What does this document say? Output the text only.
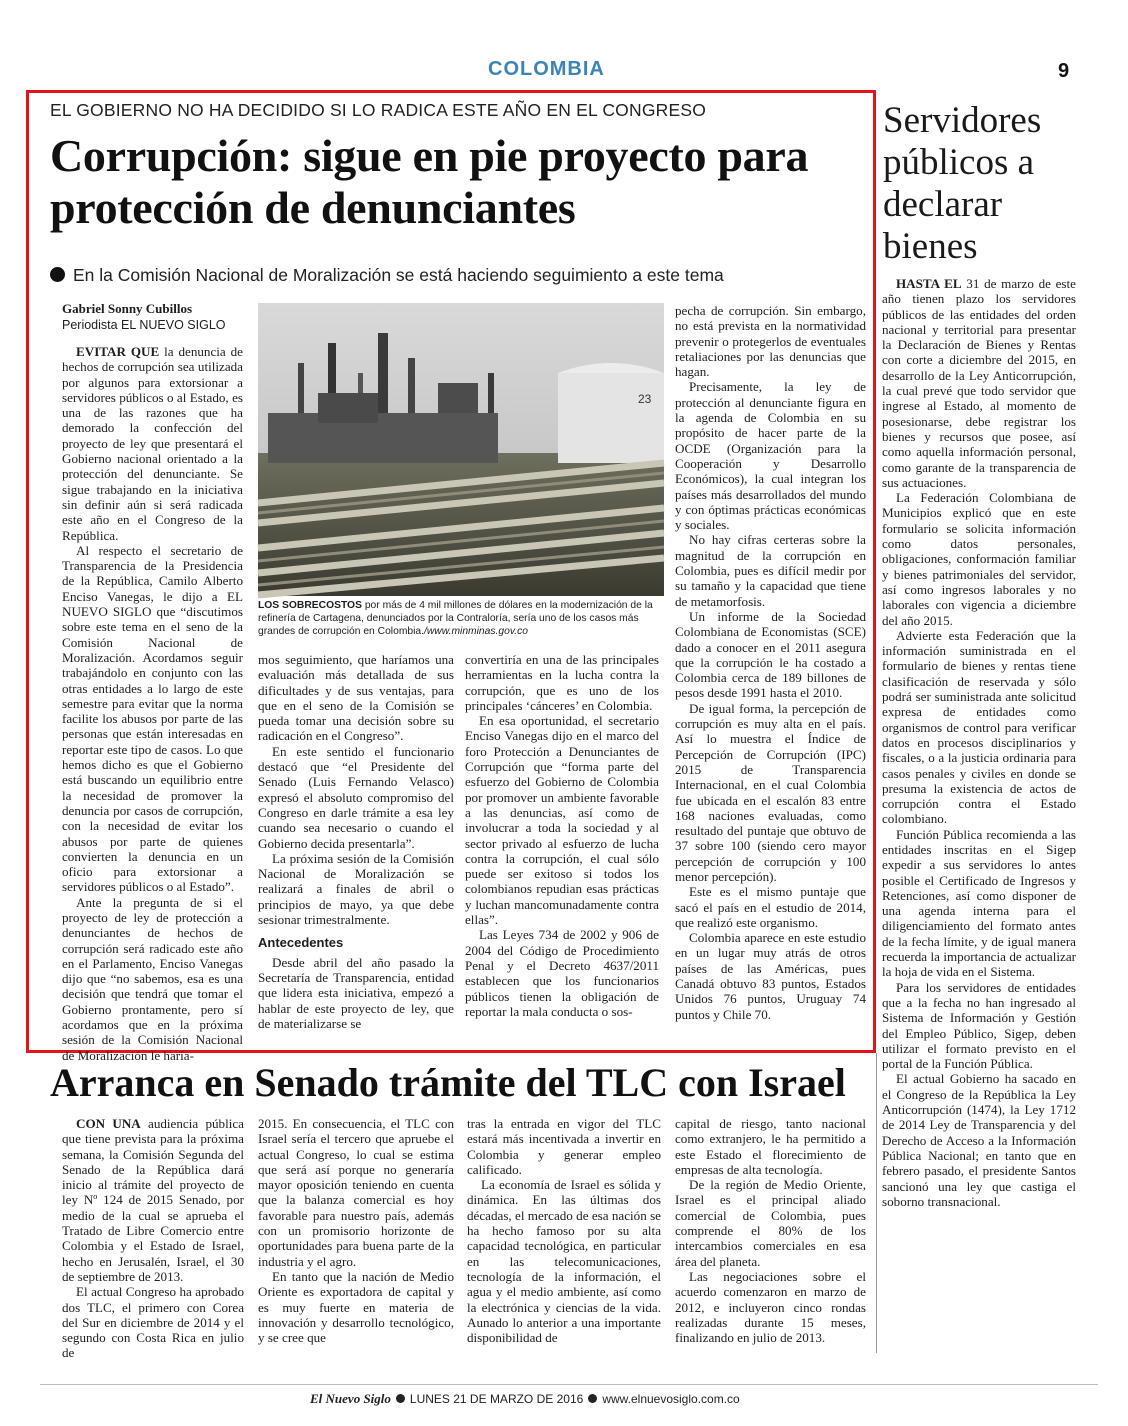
COLOMBIA	9
EL GOBIERNO NO HA DECIDIDO SI LO RADICA ESTE AÑO EN EL CONGRESO
Corrupción: sigue en pie proyecto para protección de denunciantes
En la Comisión Nacional de Moralización se está haciendo seguimiento a este tema
Gabriel Sonny Cubillos
Periodista EL NUEVO SIGLO

EVITAR QUE la denuncia de hechos de corrupción sea utilizada por algunos para extorsionar a servidores públicos o al Estado, es una de las razones que ha demorado la confección del proyecto de ley que presentará el Gobierno nacional orientado a la protección del denunciante. Se sigue trabajando en la iniciativa sin definir aún si será radicada este año en el Congreso de la República.

Al respecto el secretario de Transparencia de la Presidencia de la República, Camilo Alberto Enciso Vanegas, le dijo a EL NUEVO SIGLO que “discutimos sobre este tema en el seno de la Comisión Nacional de Moralización. Acordamos seguir trabajándolo en conjunto con las otras entidades a lo largo de este semestre para evitar que la norma facilite los abusos por parte de las personas que están interesadas en reportar este tipo de casos. Lo que hemos dicho es que el Gobierno está buscando un equilibrio entre la necesidad de promover la denuncia por casos de corrupción, con la necesidad de evitar los abusos por parte de quienes convierten la denuncia en un oficio para extorsionar a servidores públicos o al Estado”.

Ante la pregunta de si el proyecto de ley de protección a denunciantes de hechos de corrupción será radicado este año en el Parlamento, Enciso Vanegas dijo que “no sabemos, esa es una decisión que tendrá que tomar el Gobierno prontamente, pero sí acordamos que en la próxima sesión de la Comisión Nacional de Moralización le haría-

23
LOS SOBRECOSTOS por más de 4 mil millones de dólares en la modernización de la refinería de Cartagena, denunciados por la Contraloría, sería uno de los casos más grandes de corrupción en Colombia./www.minminas.gov.co

mos seguimiento, que haríamos una evaluación más detallada de sus dificultades y de sus ventajas, para que en el seno de la Comisión se pueda tomar una decisión sobre su radicación en el Congreso”.

En este sentido el funcionario destacó que “el Presidente del Senado (Luis Fernando Velasco) expresó el absoluto compromiso del Congreso en darle trámite a esa ley cuando sea necesario o cuando el Gobierno decida presentarla”.

La próxima sesión de la Comisión Nacional de Moralización se realizará a finales de abril o principios de mayo, ya que debe sesionar trimestralmente.

Antecedentes

Desde abril del año pasado la Secretaría de Transparencia, entidad que lidera esta iniciativa, empezó a hablar de este proyecto de ley, que de materializarse se

convertiría en una de las principales herramientas en la lucha contra la corrupción, que es uno de los principales ‘cánceres’ en Colombia.

En esa oportunidad, el secretario Enciso Vanegas dijo en el marco del foro Protección a Denunciantes de Corrupción que “forma parte del esfuerzo del Gobierno de Colombia por promover un ambiente favorable a las denuncias, así como de involucrar a toda la sociedad y al sector privado al esfuerzo de lucha contra la corrupción, el cual sólo puede ser exitoso si todos los colombianos repudian esas prácticas y luchan mancomunadamente contra ellas”.

Las Leyes 734 de 2002 y 906 de 2004 del Código de Procedimiento Penal y el Decreto 4637/2011 establecen que los funcionarios públicos tienen la obligación de reportar la mala conducta o sos-

pecha de corrupción. Sin embargo, no está prevista en la normatividad prevenir o protegerlos de eventuales retaliaciones por las denuncias que hagan.

Precisamente, la ley de protección al denunciante figura en la agenda de Colombia en su propósito de hacer parte de la OCDE (Organización para la Cooperación y Desarrollo Económicos), la cual integran los países más desarrollados del mundo y con óptimas prácticas económicas y sociales.

No hay cifras certeras sobre la magnitud de la corrupción en Colombia, pues es difícil medir por su tamaño y la capacidad que tiene de metamorfosis.

Un informe de la Sociedad Colombiana de Economistas (SCE) dado a conocer en el 2011 asegura que la corrupción le ha costado a Colombia cerca de 189 billones de pesos desde 1991 hasta el 2010.

De igual forma, la percepción de corrupción es muy alta en el país. Así lo muestra el Índice de Percepción de Corrupción (IPC) 2015 de Transparencia Internacional, en el cual Colombia fue ubicada en el escalón 83 entre 168 naciones evaluadas, como resultado del puntaje que obtuvo de 37 sobre 100 (siendo cero mayor percepción de corrupción y 100 menor percepción).

Este es el mismo puntaje que sacó el país en el estudio de 2014, que realizó este organismo.

Colombia aparece en este estudio en un lugar muy atrás de otros países de las Américas, pues Canadá obtuvo 83 puntos, Estados Unidos 76 puntos, Uruguay 74 puntos y Chile 70.

Servidores públicos a declarar bienes

HASTA EL 31 de marzo de este año tienen plazo los servidores públicos de las entidades del orden nacional y territorial para presentar la Declaración de Bienes y Rentas con corte a diciembre del 2015, en desarrollo de la Ley Anticorrupción, la cual prevé que todo servidor que ingrese al Estado, al momento de posesionarse, debe registrar los bienes y recursos que posee, así como aquella información personal, como garante de la transparencia de sus actuaciones.

La Federación Colombiana de Municipios explicó que en este formulario se solicita información como datos personales, obligaciones, conformación familiar y bienes patrimoniales del servidor, así como ingresos laborales y no laborales con vigencia a diciembre del año 2015.

Advierte esta Federación que la información suministrada en el formulario de bienes y rentas tiene clasificación de reservada y sólo podrá ser suministrada ante solicitud expresa de entidades como organismos de control para verificar datos en procesos disciplinarios y fiscales, o a la justicia ordinaria para casos penales y civiles en donde se presuma la existencia de actos de corrupción contra el Estado colombiano.

Función Pública recomienda a las entidades inscritas en el Sigep expedir a sus servidores lo antes posible el Certificado de Ingresos y Retenciones, así como disponer de una agenda interna para el diligenciamiento del formato antes de la fecha límite, y de igual manera recuerda la importancia de actualizar la hoja de vida en el Sistema.

Para los servidores de entidades que a la fecha no han ingresado al Sistema de Información y Gestión del Empleo Público, Sigep, deben utilizar el formato previsto en el portal de la Función Pública.

El actual Gobierno ha sacado en el Congreso de la República la Ley Anticorrupción (1474), la Ley 1712 de 2014 Ley de Transparencia y del Derecho de Acceso a la Información Pública Nacional; en tanto que en febrero pasado, el presidente Santos sancionó una ley que castiga el soborno transnacional.

Arranca en Senado trámite del TLC con Israel

CON UNA audiencia pública que tiene prevista para la próxima semana, la Comisión Segunda del Senado de la República dará inicio al trámite del proyecto de ley Nº 124 de 2015 Senado, por medio de la cual se aprueba el Tratado de Libre Comercio entre Colombia y el Estado de Israel, hecho en Jerusalén, Israel, el 30 de septiembre de 2013.

El actual Congreso ha aprobado dos TLC, el primero con Corea del Sur en diciembre de 2014 y el segundo con Costa Rica en julio de

2015. En consecuencia, el TLC con Israel sería el tercero que apruebe el actual Congreso, lo cual se estima que será así porque no generaría mayor oposición teniendo en cuenta que la balanza comercial es hoy favorable para nuestro país, además con un promisorio horizonte de oportunidades para buena parte de la industria y el agro.

En tanto que la nación de Medio Oriente es exportadora de capital y es muy fuerte en materia de innovación y desarrollo tecnológico, y se cree que

tras la entrada en vigor del TLC estará más incentivada a invertir en Colombia y generar empleo calificado.

La economía de Israel es sólida y dinámica. En las últimas dos décadas, el mercado de esa nación se ha hecho famoso por su alta capacidad tecnológica, en particular en las telecomunicaciones, tecnología de la información, el agua y el medio ambiente, así como la electrónica y ciencias de la vida. Aunado lo anterior a una importante disponibilidad de

capital de riesgo, tanto nacional como extranjero, le ha permitido a este Estado el florecimiento de empresas de alta tecnología.

De la región de Medio Oriente, Israel es el principal aliado comercial de Colombia, pues comprende el 80% de los intercambios comerciales en esa área del planeta.

Las negociaciones sobre el acuerdo comenzaron en marzo de 2012, e incluyeron cinco rondas realizadas durante 15 meses, finalizando en julio de 2013.

El Nuevo Siglo LUNES 21 DE MARZO DE 2016 www.elnuevosiglo.com.co
